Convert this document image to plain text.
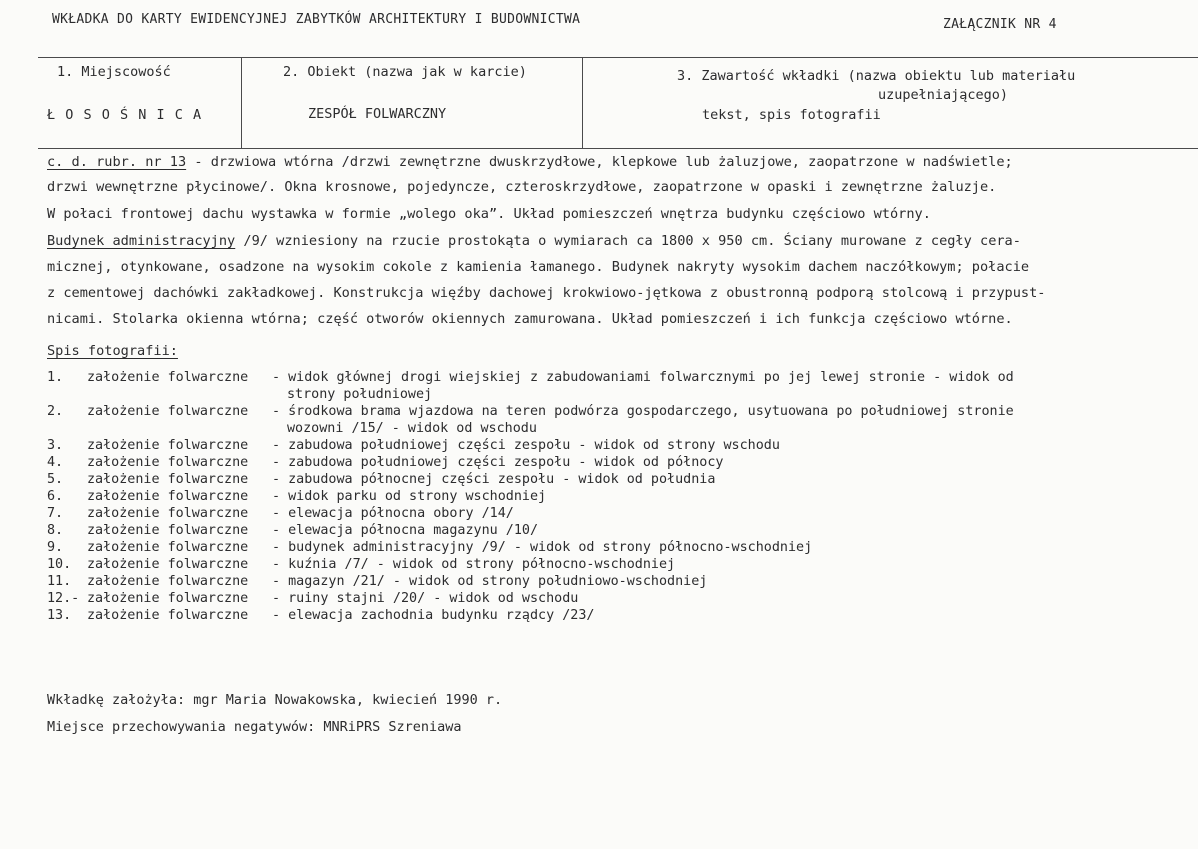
WKŁADKA DO KARTY EWIDENCYJNEJ ZABYTKÓW ARCHITEKTURY I BUDOWNICTWA	ZAŁĄCZNIK NR 4
1. Miejscowość
Ł O S O Ś N I C A
2. Obiekt (nazwa jak w karcie)
ZESPÓŁ FOLWARCZNY
3. Zawartość wkładki (nazwa obiektu lub materiału
uzupełniającego)
tekst, spis fotografii
c. d. rubr. nr 13 - drzwiowa wtórna /drzwi zewnętrzne dwuskrzydłowe, klepkowe lub żaluzjowe, zaopatrzone w nadświetle;
drzwi wewnętrzne płycinowe/. Okna krosnowe, pojedyncze, czteroskrzydłowe, zaopatrzone w opaski i zewnętrzne żaluzje.
W połaci frontowej dachu wystawka w formie „wolego oka”. Układ pomieszczeń wnętrza budynku częściowo wtórny.
Budynek administracyjny /9/ wzniesiony na rzucie prostokąta o wymiarach ca 1800 x 950 cm. Ściany murowane z cegły cera-
micznej, otynkowane, osadzone na wysokim cokole z kamienia łamanego. Budynek nakryty wysokim dachem naczółkowym; połacie
z cementowej dachówki zakładkowej. Konstrukcja więźby dachowej krokwiowo-jętkowa z obustronną podporą stolcową i przypust-
nicami. Stolarka okienna wtórna; część otworów okiennych zamurowana. Układ pomieszczeń i ich funkcja częściowo wtórne.
Spis fotografii:
1. założenie folwarczne - widok głównej drogi wiejskiej z zabudowaniami folwarcznymi po jej lewej stronie - widok od
strony południowej
2. założenie folwarczne - środkowa brama wjazdowa na teren podwórza gospodarczego, usytuowana po południowej stronie
wozowni /15/ - widok od wschodu
3. założenie folwarczne - zabudowa południowej części zespołu - widok od strony wschodu
4. założenie folwarczne - zabudowa południowej części zespołu - widok od północy
5. założenie folwarczne - zabudowa północnej części zespołu - widok od południa
6. założenie folwarczne - widok parku od strony wschodniej
7. założenie folwarczne - elewacja północna obory /14/
8. założenie folwarczne - elewacja północna magazynu /10/
9. założenie folwarczne - budynek administracyjny /9/ - widok od strony północno-wschodniej
10. założenie folwarczne - kuźnia /7/ - widok od strony północno-wschodniej
11. założenie folwarczne - magazyn /21/ - widok od strony południowo-wschodniej
12.- założenie folwarczne - ruiny stajni /20/ - widok od wschodu
13. założenie folwarczne - elewacja zachodnia budynku rządcy /23/
Wkładkę założyła: mgr Maria Nowakowska, kwiecień 1990 r.
Miejsce przechowywania negatywów: MNRiPRS Szreniawa
